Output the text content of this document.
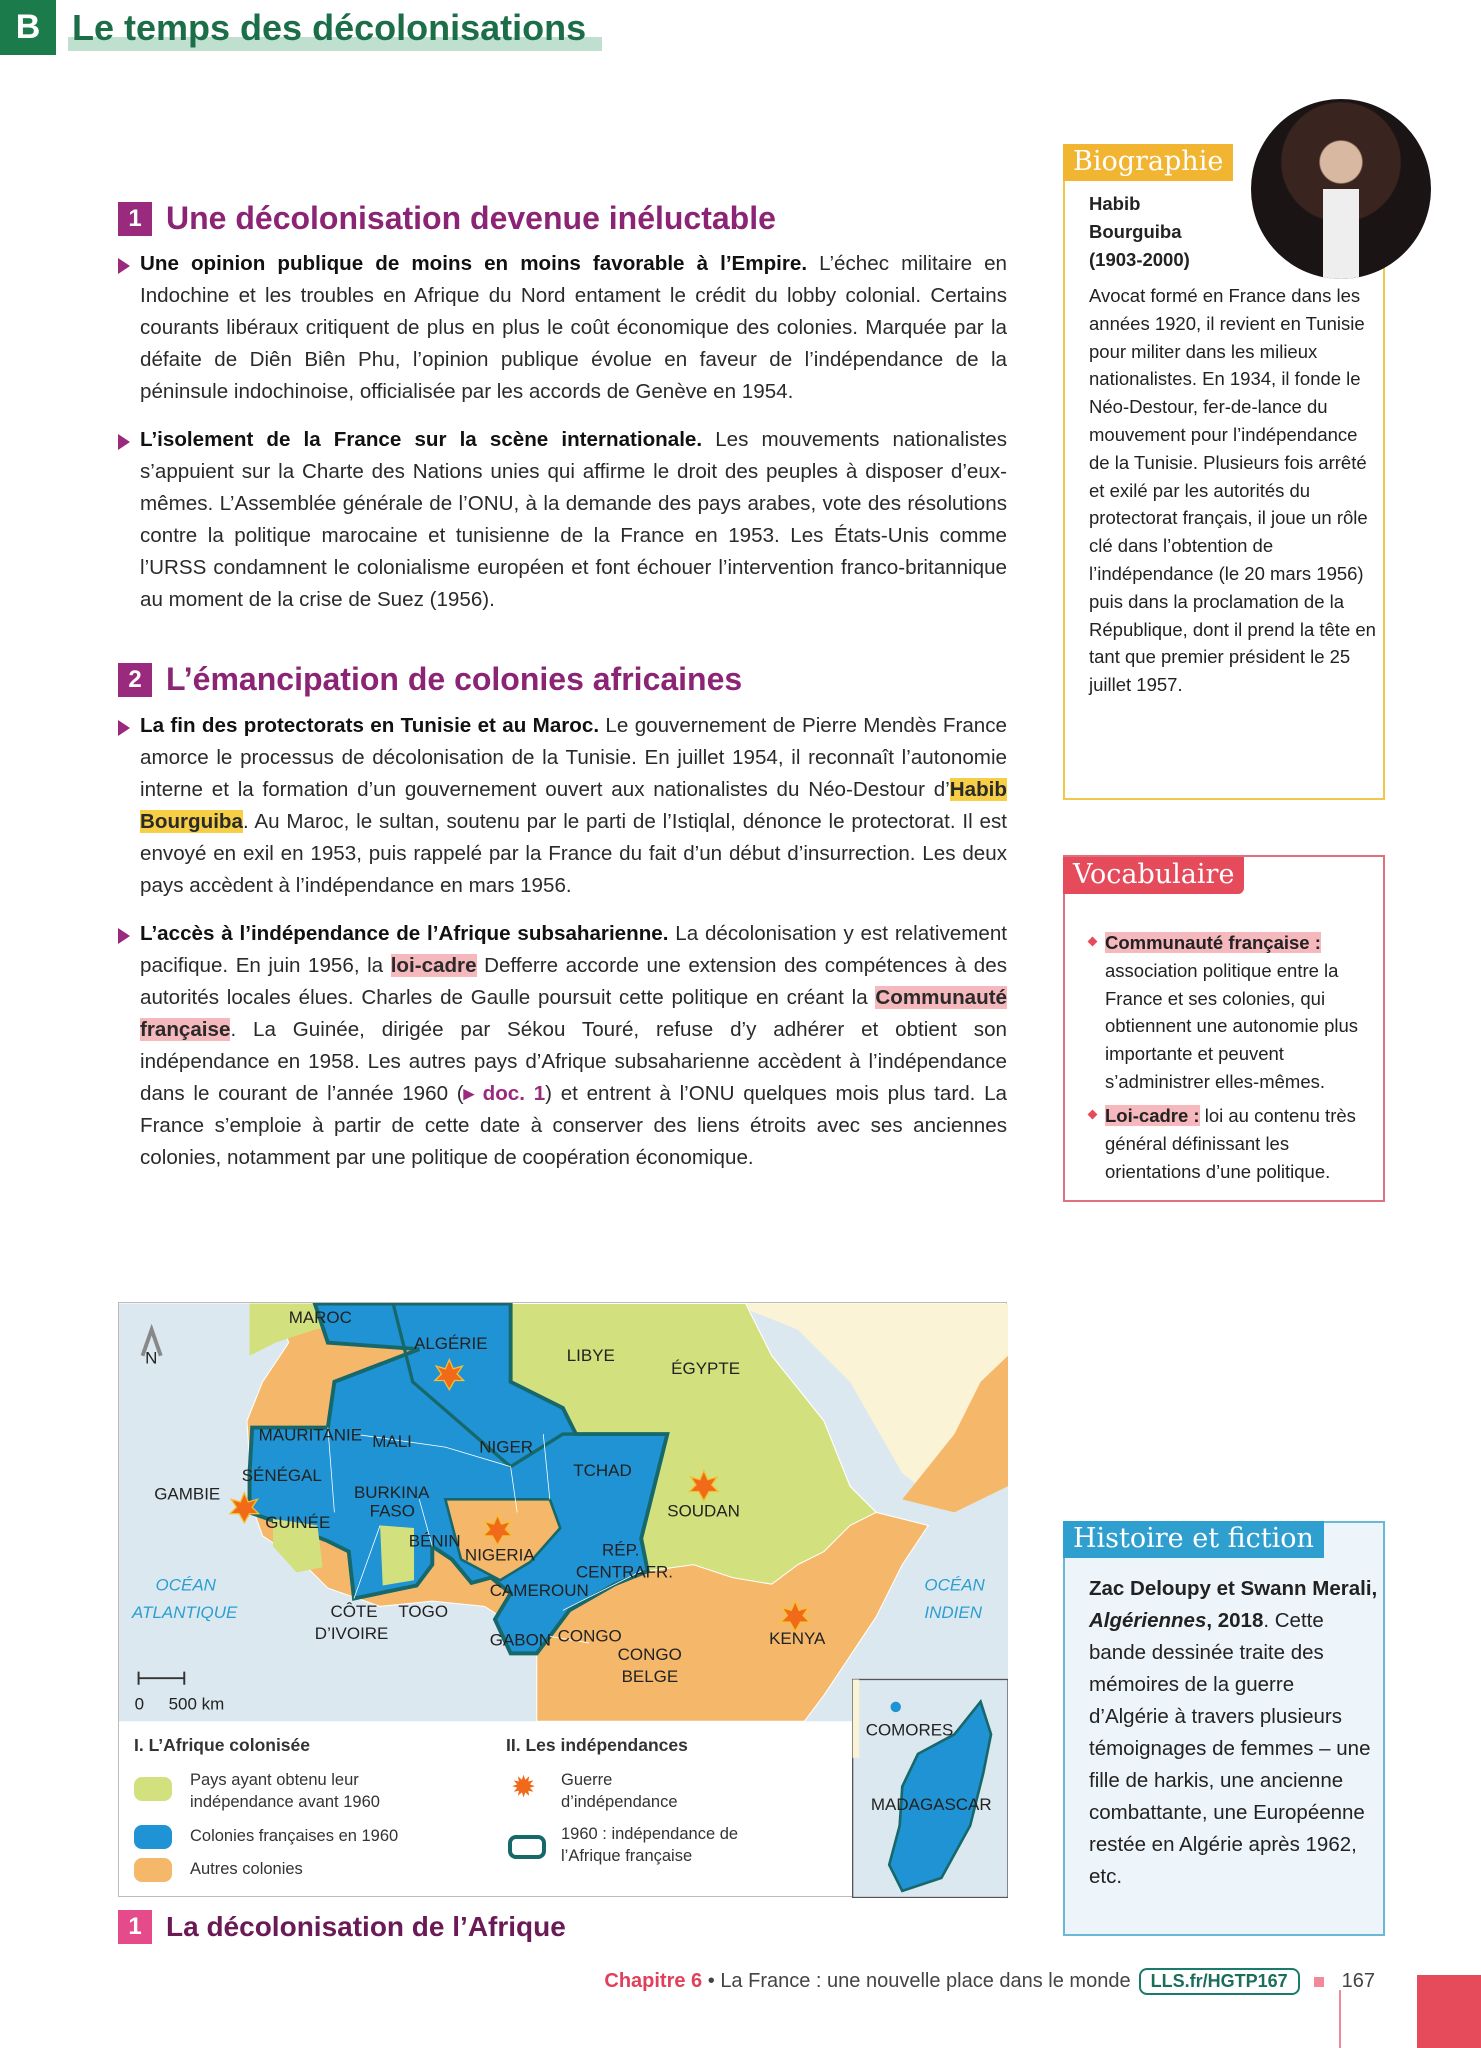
B Le temps des décolonisations
1 Une décolonisation devenue inéluctable
Une opinion publique de moins en moins favorable à l’Empire. L’échec militaire en Indochine et les troubles en Afrique du Nord entament le crédit du lobby colonial. Certains courants libéraux critiquent de plus en plus le coût économique des colonies. Marquée par la défaite de Diên Biên Phu, l’opinion publique évolue en faveur de l’indépendance de la péninsule indochinoise, officialisée par les accords de Genève en 1954.
L’isolement de la France sur la scène internationale. Les mouvements nationalistes s’appuient sur la Charte des Nations unies qui affirme le droit des peuples à disposer d’eux-mêmes. L’Assemblée générale de l’ONU, à la demande des pays arabes, vote des résolutions contre la politique marocaine et tunisienne de la France en 1953. Les États-Unis comme l’URSS condamnent le colonialisme européen et font échouer l’intervention franco-britannique au moment de la crise de Suez (1956).
2 L’émancipation de colonies africaines
La fin des protectorats en Tunisie et au Maroc. Le gouvernement de Pierre Mendès France amorce le processus de décolonisation de la Tunisie. En juillet 1954, il reconnaît l’autonomie interne et la formation d’un gouvernement ouvert aux nationalistes du Néo-Destour d’Habib Bourguiba. Au Maroc, le sultan, soutenu par le parti de l’Istiqlal, dénonce le protectorat. Il est envoyé en exil en 1953, puis rappelé par la France du fait d’un début d’insurrection. Les deux pays accèdent à l’indépendance en mars 1956.
L’accès à l’indépendance de l’Afrique subsaharienne. La décolonisation y est relativement pacifique. En juin 1956, la loi-cadre Defferre accorde une extension des compétences à des autorités locales élues. Charles de Gaulle poursuit cette politique en créant la Communauté française. La Guinée, dirigée par Sékou Touré, refuse d’y adhérer et obtient son indépendance en 1958. Les autres pays d’Afrique subsaharienne accèdent à l’indépendance dans le courant de l’année 1960 (▸ doc. 1) et entrent à l’ONU quelques mois plus tard. La France s’emploie à partir de cette date à conserver des liens étroits avec ses anciennes colonies, notamment par une politique de coopération économique.
Biographie
Habib
Bourguiba
(1903-2000)
Avocat formé en France dans les années 1920, il revient en Tunisie pour militer dans les milieux nationalistes. En 1934, il fonde le Néo-Destour, fer-de-lance du mouvement pour l’indépendance de la Tunisie. Plusieurs fois arrêté et exilé par les autorités du protectorat français, il joue un rôle clé dans l’obtention de l’indépendance (le 20 mars 1956) puis dans la proclamation de la République, dont il prend la tête en tant que premier président le 25 juillet 1957.
Vocabulaire
Communauté française : association politique entre la France et ses colonies, qui obtiennent une autonomie plus importante et peuvent s’administrer elles-mêmes.
Loi-cadre : loi au contenu très général définissant les orientations d’une politique.
Histoire et fiction
Zac Deloupy et Swann Merali, Algériennes, 2018. Cette bande dessinée traite des mémoires de la guerre d’Algérie à travers plusieurs témoignages de femmes – une fille de harkis, une ancienne combattante, une Européenne restée en Algérie après 1962, etc.
N
MAROC
ALGÉRIE
LIBYE
ÉGYPTE
MAURITANIE MALI	NIGER
TCHAD
SÉNÉGAL
GAMBIE	BURKINA
FASO	SOUDAN
GUINÉE
BÉNIN
NIGERIA	RÉP.
CENTRAFR.
CAMEROUN
CÔTE
D’IVOIRE
TOGO
GABON CONGO
CONGO
BELGE
KENYA
OCÉAN
ATLANTIQUE
OCÉAN
INDIEN
0 500 km
COMORES
MADAGASCAR
I. L’Afrique colonisée	II. Les indépendances
Pays ayant obtenu leur indépendance avant 1960
Colonies françaises en 1960
Autres colonies
✹ Guerre d’indépendance
1960 : indépendance de l’Afrique française
1 La décolonisation de l’Afrique
Chapitre 6 • La France : une nouvelle place dans le monde	LLS.fr/HGTP167	167
